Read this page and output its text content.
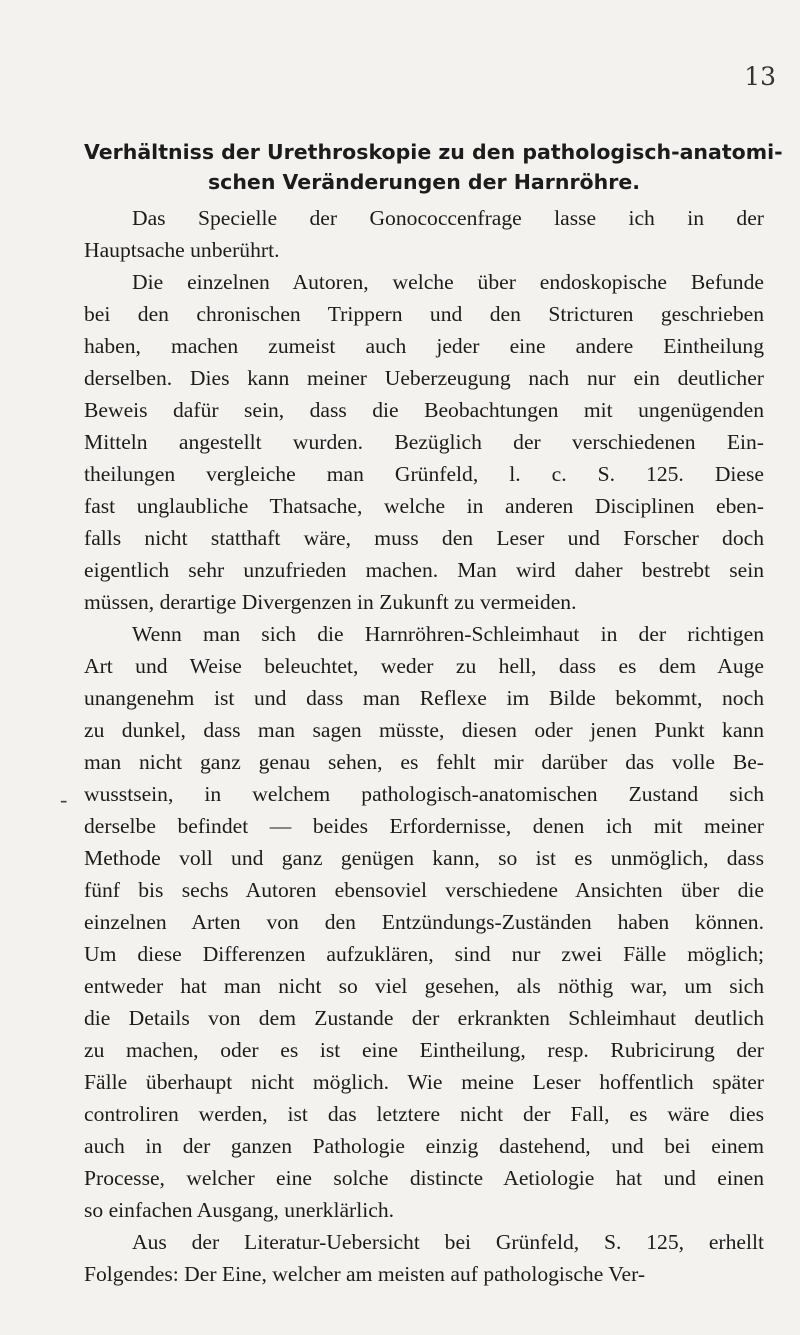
13
Verhältniss der Urethroskopie zu den pathologisch-anatomi-
schen Veränderungen der Harnröhre.
-
Das Specielle der Gonococcenfrage lasse ich in der
Hauptsache unberührt.
Die einzelnen Autoren, welche über endoskopische Befunde
bei den chronischen Trippern und den Stricturen geschrieben
haben, machen zumeist auch jeder eine andere Eintheilung
derselben. Dies kann meiner Ueberzeugung nach nur ein deutlicher
Beweis dafür sein, dass die Beobachtungen mit ungenügenden
Mitteln angestellt wurden. Bezüglich der verschiedenen Ein-
theilungen vergleiche man Grünfeld, l. c. S. 125. Diese
fast unglaubliche Thatsache, welche in anderen Disciplinen eben-
falls nicht statthaft wäre, muss den Leser und Forscher doch
eigentlich sehr unzufrieden machen. Man wird daher bestrebt sein
müssen, derartige Divergenzen in Zukunft zu vermeiden.
Wenn man sich die Harnröhren-Schleimhaut in der richtigen
Art und Weise beleuchtet, weder zu hell, dass es dem Auge
unangenehm ist und dass man Reflexe im Bilde bekommt, noch
zu dunkel, dass man sagen müsste, diesen oder jenen Punkt kann
man nicht ganz genau sehen, es fehlt mir darüber das volle Be-
wusstsein, in welchem pathologisch-anatomischen Zustand sich
derselbe befindet — beides Erfordernisse, denen ich mit meiner
Methode voll und ganz genügen kann, so ist es unmöglich, dass
fünf bis sechs Autoren ebensoviel verschiedene Ansichten über die
einzelnen Arten von den Entzündungs-Zuständen haben können.
Um diese Differenzen aufzuklären, sind nur zwei Fälle möglich;
entweder hat man nicht so viel gesehen, als nöthig war, um sich
die Details von dem Zustande der erkrankten Schleimhaut deutlich
zu machen, oder es ist eine Eintheilung, resp. Rubricirung der
Fälle überhaupt nicht möglich. Wie meine Leser hoffentlich später
controliren werden, ist das letztere nicht der Fall, es wäre dies
auch in der ganzen Pathologie einzig dastehend, und bei einem
Processe, welcher eine solche distincte Aetiologie hat und einen
so einfachen Ausgang, unerklärlich.
Aus der Literatur-Uebersicht bei Grünfeld, S. 125, erhellt
Folgendes: Der Eine, welcher am meisten auf pathologische Ver-
